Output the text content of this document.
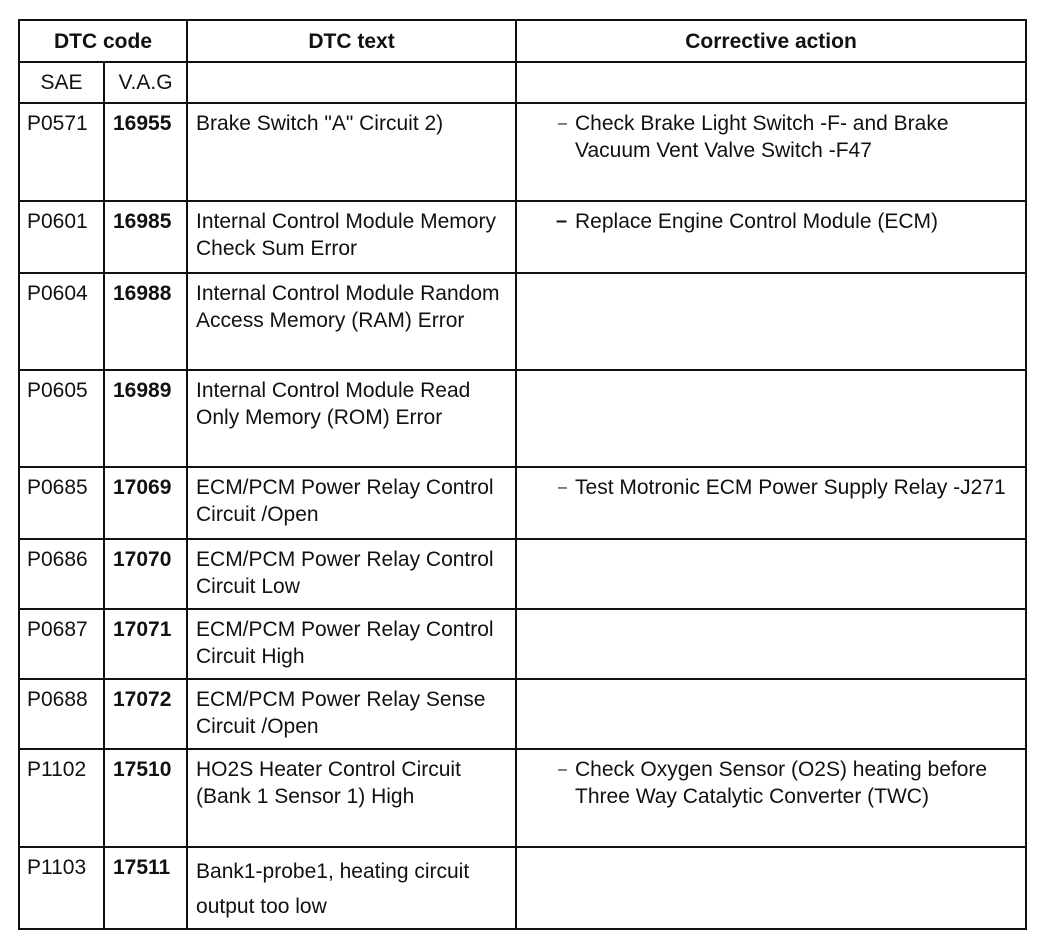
DTC code		DTC text	Corrective action
SAE	V.A.G		
P0571	16955	Brake Switch "A" Circuit 2)	– Check Brake Light Switch -F- and Brake Vacuum Vent Valve Switch -F47

P0601	16985	Internal Control Module Memory Check Sum Error	– Replace Engine Control Module (ECM)

P0604	16988	Internal Control Module Random Access Memory (RAM) Error	
P0605	16989	Internal Control Module Read Only Memory (ROM) Error	
P0685	17069	ECM/PCM Power Relay Control Circuit /Open	– Test Motronic ECM Power Supply Relay -J271

P0686	17070	ECM/PCM Power Relay Control Circuit Low	
P0687	17071	ECM/PCM Power Relay Control Circuit High	
P0688	17072	ECM/PCM Power Relay Sense Circuit /Open	
P1102	17510	HO2S Heater Control Circuit (Bank 1 Sensor 1) High	– Check Oxygen Sensor (O2S) heating before Three Way Catalytic Converter (TWC)

P1103	17511	Bank1-probe1, heating circuit output too low	
